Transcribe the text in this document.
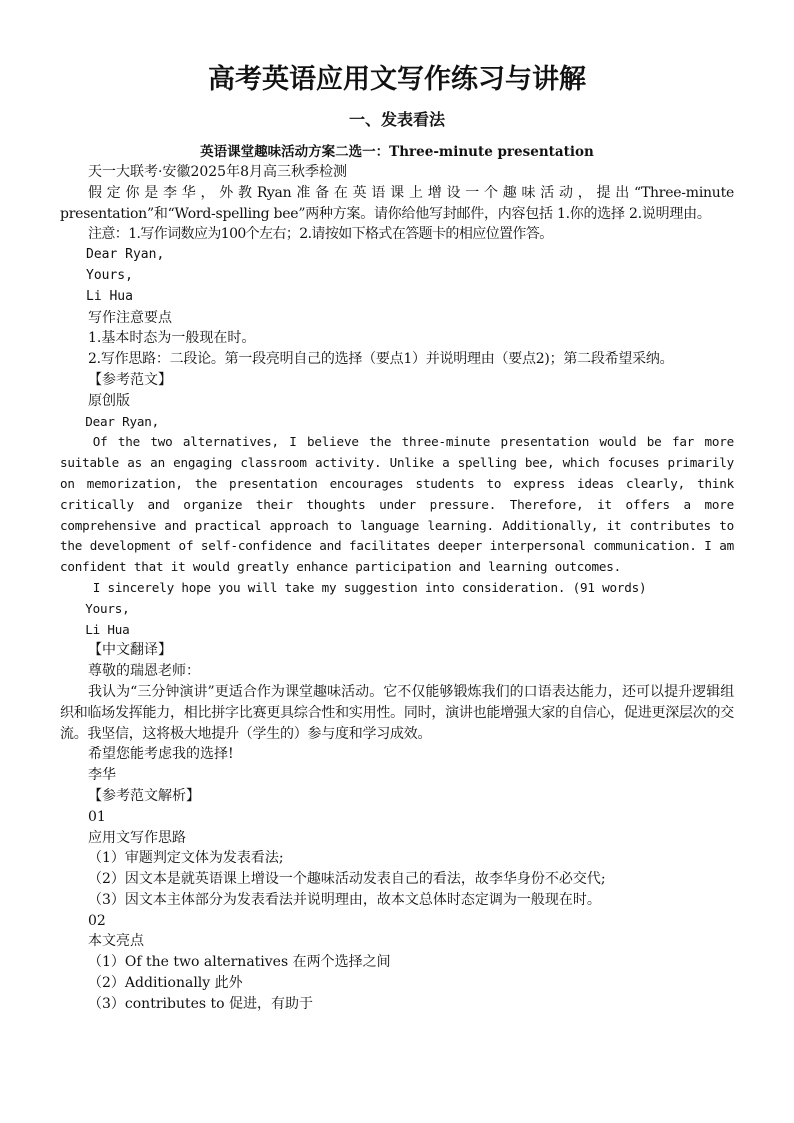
高考英语应用文写作练习与讲解
一、发表看法
英语课堂趣味活动方案二选一：Three-minute presentation

天一大联考·安徽2025年8月高三秋季检测

假定你是李华，外教Ryan准备在英语课上增设一个趣味活动，提出“Three-minute presentation”和“Word-spelling bee”两种方案。请你给他写封邮件，内容包括 1.你的选择 2.说明理由。

注意：1.写作词数应为100个左右；2.请按如下格式在答题卡的相应位置作答。

Dear Ryan,

Yours,

Li Hua

写作注意要点

1.基本时态为一般现在时。

2.写作思路：二段论。第一段亮明自己的选择（要点1）并说明理由（要点2)；第二段希望采纳。

【参考范文】

原创版

Dear Ryan,

Of the two alternatives, I believe the three-minute presentation would be far more suitable as an engaging classroom activity. Unlike a spelling bee, which focuses primarily on memorization, the presentation encourages students to express ideas clearly, think critically and organize their thoughts under pressure. Therefore, it offers a more comprehensive and practical approach to language learning. Additionally, it contributes to the development of self-confidence and facilitates deeper interpersonal communication. I am confident that it would greatly enhance participation and learning outcomes.

I sincerely hope you will take my suggestion into consideration. (91 words)

Yours,

Li Hua

【中文翻译】

尊敬的瑞恩老师：

我认为“三分钟演讲”更适合作为课堂趣味活动。它不仅能够锻炼我们的口语表达能力，还可以提升逻辑组织和临场发挥能力，相比拼字比赛更具综合性和实用性。同时，演讲也能增强大家的自信心，促进更深层次的交流。我坚信，这将极大地提升（学生的）参与度和学习成效。

希望您能考虑我的选择!

李华

【参考范文解析】

01

应用文写作思路

（1）审题判定文体为发表看法;

（2）因文本是就英语课上增设一个趣味活动发表自己的看法，故李华身份不必交代;

（3）因文本主体部分为发表看法并说明理由，故本文总体时态定调为一般现在时。

02

本文亮点

（1）Of the two alternatives 在两个选择之间

（2）Additionally 此外

（3）contributes to 促进，有助于
